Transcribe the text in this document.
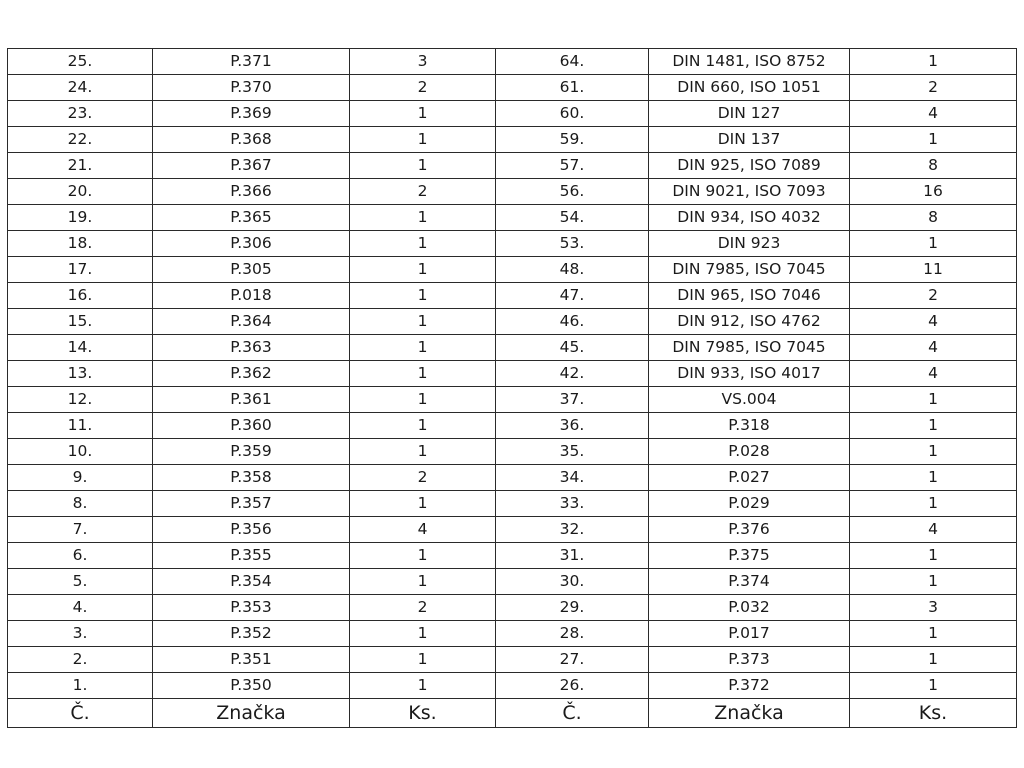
25.	P.371	3	64.	DIN 1481, ISO 8752	1
24.	P.370	2	61.	DIN 660, ISO 1051	2
23.	P.369	1	60.	DIN 127	4
22.	P.368	1	59.	DIN 137	1
21.	P.367	1	57.	DIN 925, ISO 7089	8
20.	P.366	2	56.	DIN 9021, ISO 7093	16
19.	P.365	1	54.	DIN 934, ISO 4032	8
18.	P.306	1	53.	DIN 923	1
17.	P.305	1	48.	DIN 7985, ISO 7045	11
16.	P.018	1	47.	DIN 965, ISO 7046	2
15.	P.364	1	46.	DIN 912, ISO 4762	4
14.	P.363	1	45.	DIN 7985, ISO 7045	4
13.	P.362	1	42.	DIN 933, ISO 4017	4
12.	P.361	1	37.	VS.004	1
11.	P.360	1	36.	P.318	1
10.	P.359	1	35.	P.028	1
9.	P.358	2	34.	P.027	1
8.	P.357	1	33.	P.029	1
7.	P.356	4	32.	P.376	4
6.	P.355	1	31.	P.375	1
5.	P.354	1	30.	P.374	1
4.	P.353	2	29.	P.032	3
3.	P.352	1	28.	P.017	1
2.	P.351	1	27.	P.373	1
1.	P.350	1	26.	P.372	1
Č.	Značka	Ks.	Č.	Značka	Ks.
